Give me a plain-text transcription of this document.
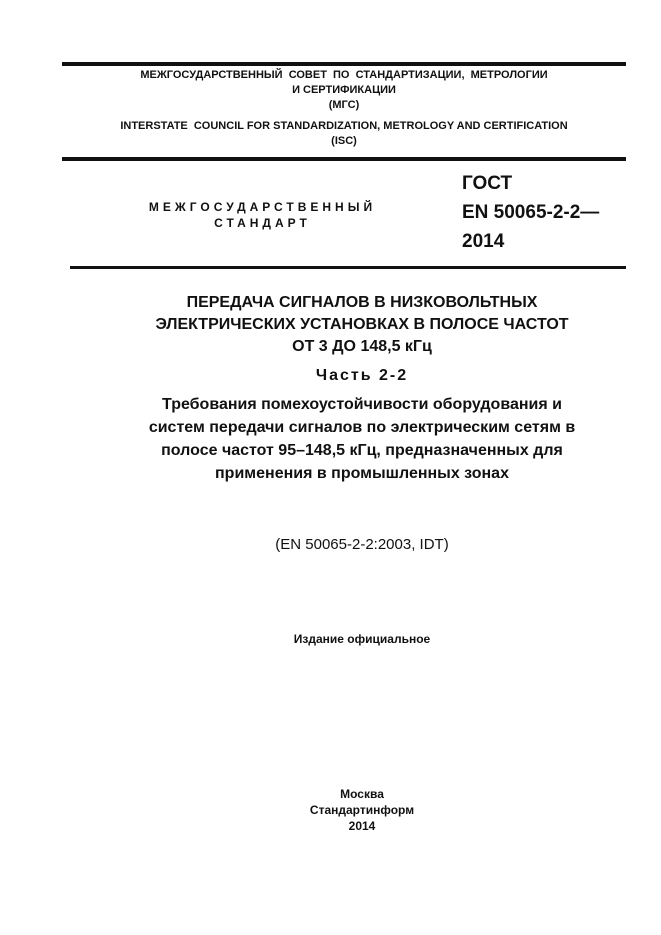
МЕЖГОСУДАРСТВЕННЫЙ  СОВЕТ  ПО  СТАНДАРТИЗАЦИИ,  МЕТРОЛОГИИ
И СЕРТИФИКАЦИИ
(МГС)
INTERSTATE  COUNCIL FOR STANDARDIZATION, METROLOGY AND CERTIFICATION
(ISC)
МЕЖГОСУДАРСТВЕННЫЙ
СТАНДАРТ
ГОСТ
EN 50065-2-2—
2014
ПЕРЕДАЧА СИГНАЛОВ В НИЗКОВОЛЬТНЫХ
ЭЛЕКТРИЧЕСКИХ УСТАНОВКАХ В ПОЛОСЕ ЧАСТОТ
ОТ 3 ДО 148,5 кГц
Часть 2-2
Требования помехоустойчивости оборудования и
систем передачи сигналов по электрическим сетям в
полосе частот 95–148,5 кГц, предназначенных для
применения в промышленных зонах
(EN 50065-2-2:2003, IDT)
Издание официальное
Москва
Стандартинформ
2014
